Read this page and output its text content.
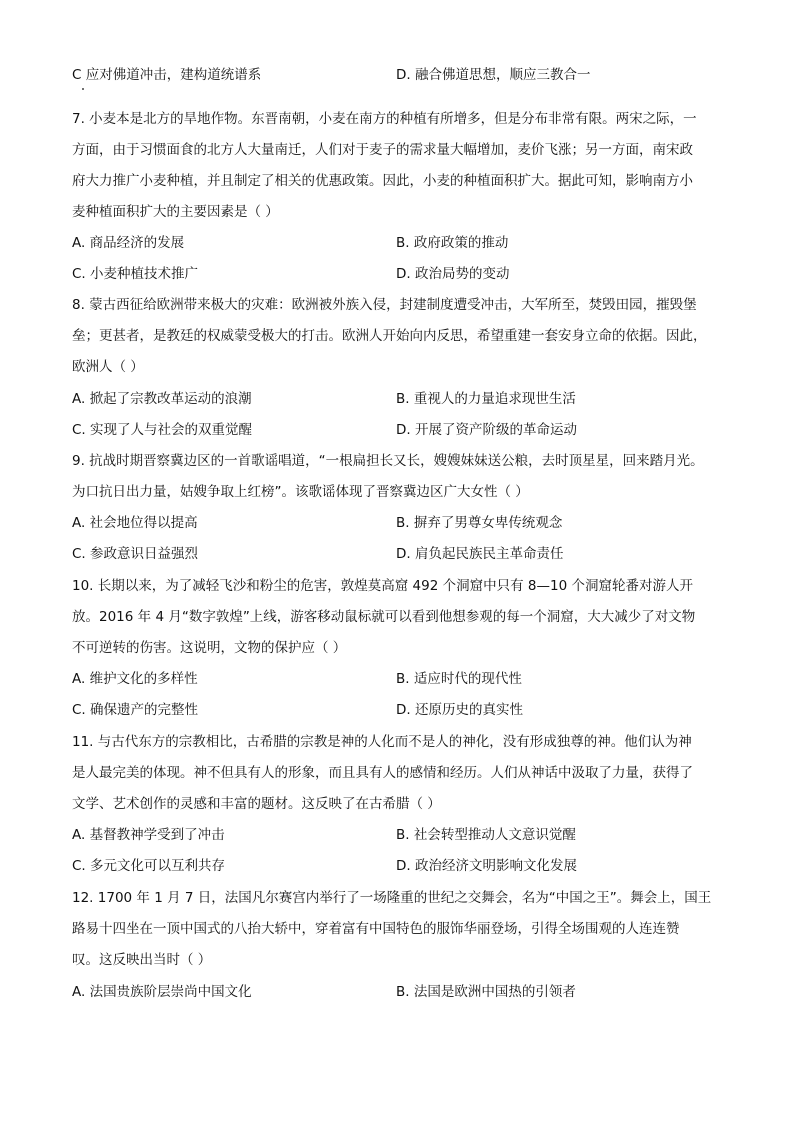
C 应对佛道冲击，建构道统谱系	D. 融合佛道思想，顺应三教合一
7. 小麦本是北方的旱地作物。东晋南朝，小麦在南方的种植有所增多，但是分布非常有限。两宋之际，一
方面，由于习惯面食的北方人大量南迁，人们对于麦子的需求量大幅增加，麦价飞涨；另一方面，南宋政
府大力推广小麦种植，并且制定了相关的优惠政策。因此，小麦的种植面积扩大。据此可知，影响南方小
麦种植面积扩大的主要因素是（ ）
A. 商品经济的发展	B. 政府政策的推动
C. 小麦种植技术推广	D. 政治局势的变动
8. 蒙古西征给欧洲带来极大的灾难：欧洲被外族入侵，封建制度遭受冲击，大军所至，焚毁田园，摧毁堡
垒；更甚者，是教廷的权威蒙受极大的打击。欧洲人开始向内反思，希望重建一套安身立命的依据。因此，
欧洲人（ ）
A. 掀起了宗教改革运动的浪潮	B. 重视人的力量追求现世生活
C. 实现了人与社会的双重觉醒	D. 开展了资产阶级的革命运动
9. 抗战时期晋察冀边区的一首歌谣唱道，“一根扁担长又长，嫂嫂妹妹送公粮，去时顶星星，回来踏月光。
为口抗日出力量，姑嫂争取上红榜”。该歌谣体现了晋察冀边区广大女性（ ）
A. 社会地位得以提高	B. 摒弃了男尊女卑传统观念
C. 参政意识日益强烈	D. 肩负起民族民主革命责任
10. 长期以来，为了减轻飞沙和粉尘的危害，敦煌莫高窟 492 个洞窟中只有 8—10 个洞窟轮番对游人开
放。2016 年 4 月“数字敦煌”上线，游客移动鼠标就可以看到他想参观的每一个洞窟，大大减少了对文物
不可逆转的伤害。这说明，文物的保护应（ ）
A. 维护文化的多样性	B. 适应时代的现代性
C. 确保遗产的完整性	D. 还原历史的真实性
11. 与古代东方的宗教相比，古希腊的宗教是神的人化而不是人的神化，没有形成独尊的神。他们认为神
是人最完美的体现。神不但具有人的形象，而且具有人的感情和经历。人们从神话中汲取了力量，获得了
文学、艺术创作的灵感和丰富的题材。这反映了在古希腊（ ）
A. 基督教神学受到了冲击	B. 社会转型推动人文意识觉醒
C. 多元文化可以互利共存	D. 政治经济文明影响文化发展
12. 1700 年 1 月 7 日，法国凡尔赛宫内举行了一场隆重的世纪之交舞会，名为“中国之王”。舞会上，国王
路易十四坐在一顶中国式的八抬大轿中，穿着富有中国特色的服饰华丽登场，引得全场围观的人连连赞
叹。这反映出当时（ ）
A. 法国贵族阶层崇尚中国文化	B. 法国是欧洲中国热的引领者
